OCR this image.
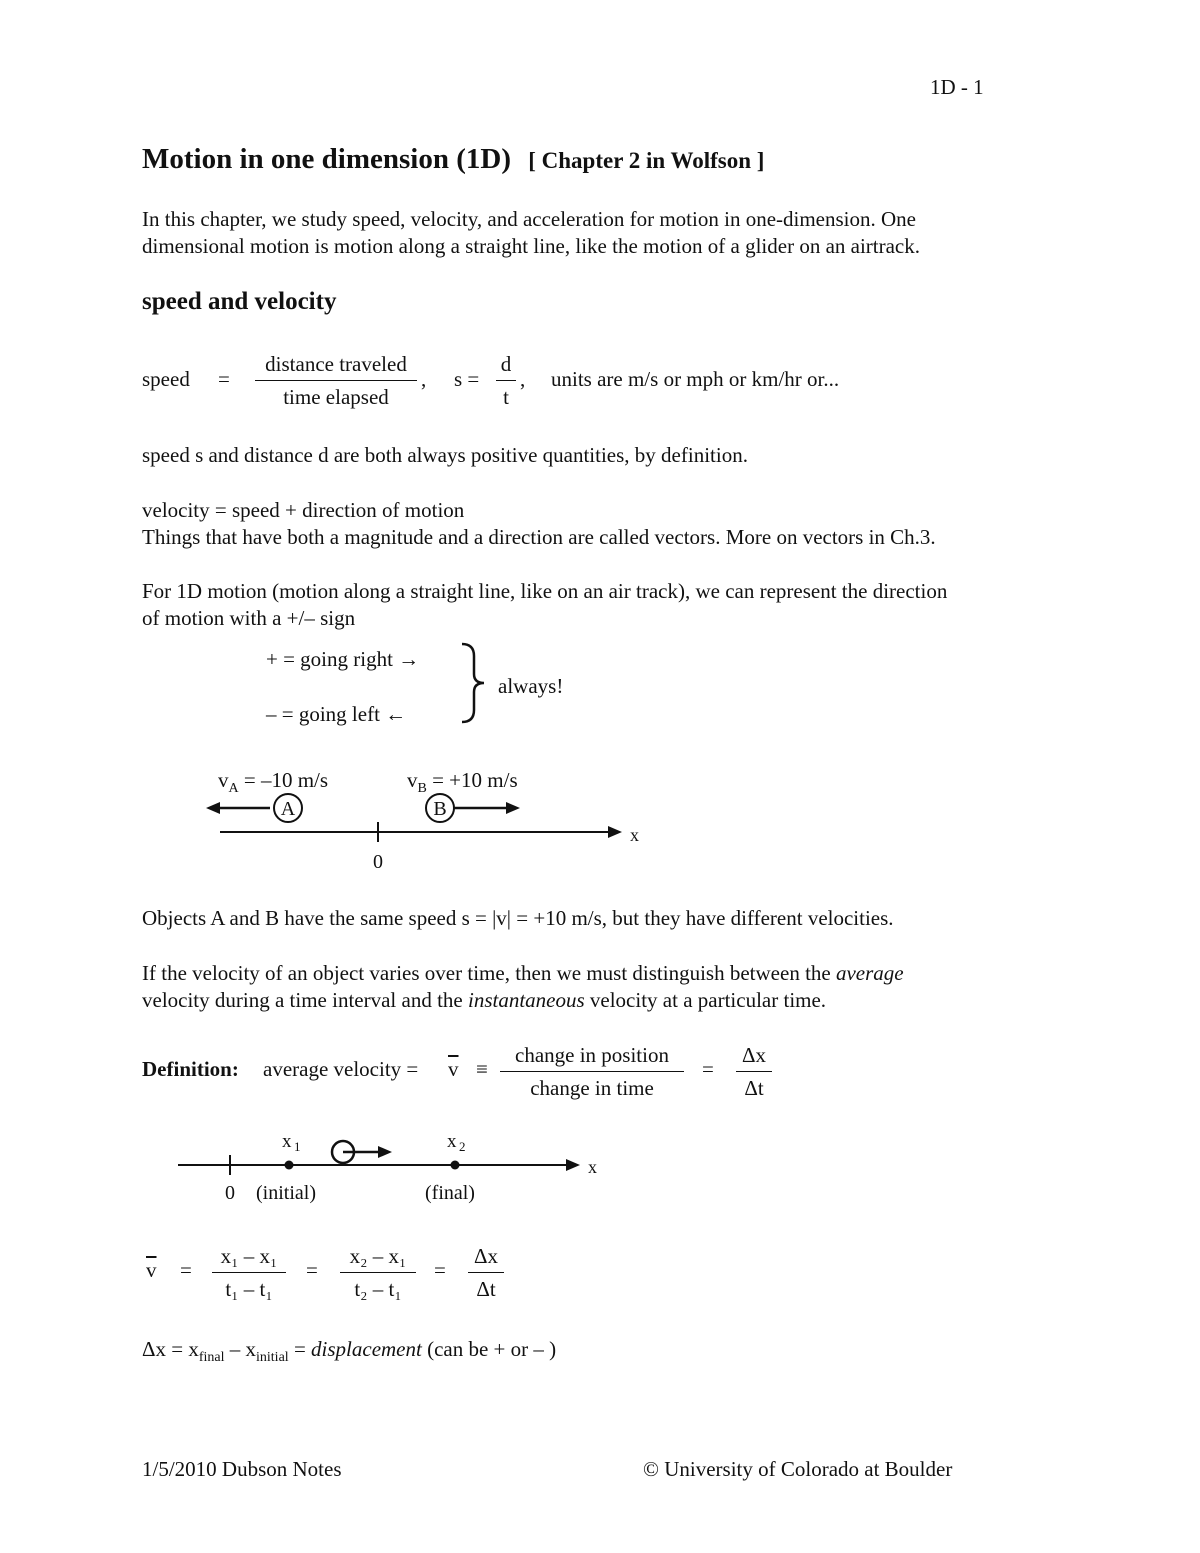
1D - 1
Motion in one dimension (1D) [ Chapter 2 in Wolfson ]
In this chapter, we study speed, velocity, and acceleration for motion in one-dimension. One
dimensional motion is motion along a straight line, like the motion of a glider on an airtrack.
speed and velocity
speed =
distance traveled
time elapsed
, s =
d
t
, units are m/s or mph or km/hr or...
speed s and distance d are both always positive quantities, by definition.
velocity = speed + direction of motion
Things that have both a magnitude and a direction are called vectors. More on vectors in Ch.3.
For 1D motion (motion along a straight line, like on an air track), we can represent the direction
of motion with a +/– sign
+ = going right →
– = going left ←
always!
$v_A = -10$ m/s	$v_B = +10$ m/s
A	B
x
0
Objects A and B have the same speed s = |v| = +10 m/s, but they have different velocities.
If the velocity of an object varies over time, then we must distinguish between the average
velocity during a time interval and the instantaneous velocity at a particular time.
Definition: average velocity = $\overline{v}$ ≡
change in position
change in time
=
Δx
Δt
x 1	x 2
x
0 (initial)	(final)
$\overline{v}$ =
x₁ – x₁
t₁ – t₁
=
x₂ – x₁
t₂ – t₁
=
Δx
Δt
$\Delta x = x_{final} - x_{initial}$ = displacement (can be + or – )
1/5/2010 Dubson Notes	© University of Colorado at Boulder
